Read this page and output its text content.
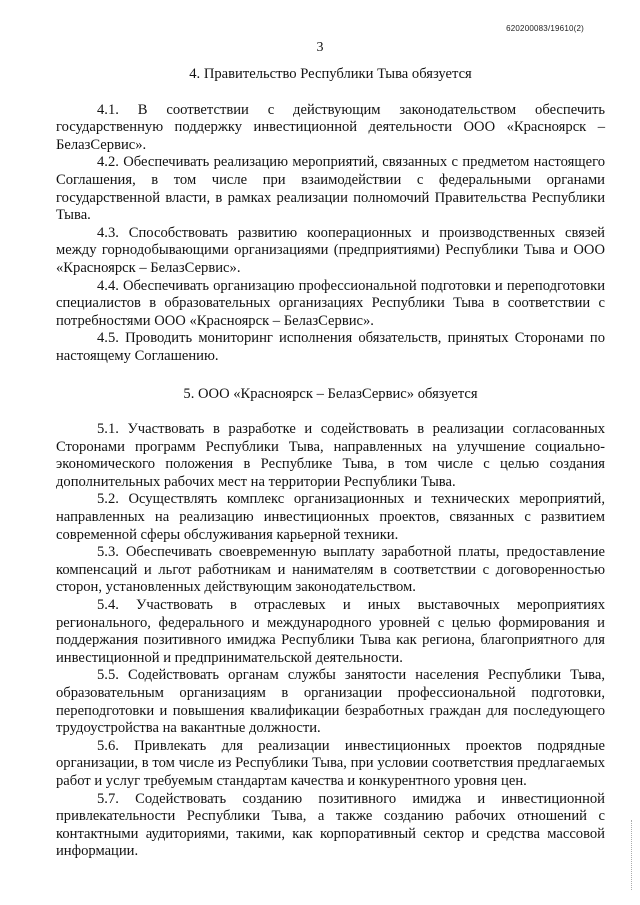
620200083/19610(2)
3
4. Правительство Республики Тыва обязуется

4.1. В соответствии с действующим законодательством обеспечить государственную поддержку инвестиционной деятельности ООО «Красноярск – БелазСервис».

4.2. Обеспечивать реализацию мероприятий, связанных с предметом настоящего Соглашения, в том числе при взаимодействии с федеральными органами государственной власти, в рамках реализации полномочий Правительства Республики Тыва.

4.3. Способствовать развитию кооперационных и производственных связей между горнодобывающими организациями (предприятиями) Республики Тыва и ООО «Красноярск – БелазСервис».

4.4. Обеспечивать организацию профессиональной подготовки и переподготовки специалистов в образовательных организациях Республики Тыва в соответствии с потребностями ООО «Красноярск – БелазСервис».

4.5. Проводить мониторинг исполнения обязательств, принятых Сторонами по настоящему Соглашению.

5. ООО «Красноярск – БелазСервис» обязуется

5.1. Участвовать в разработке и содействовать в реализации согласованных Сторонами программ Республики Тыва, направленных на улучшение социально-экономического положения в Республике Тыва, в том числе с целью создания дополнительных рабочих мест на территории Республики Тыва.

5.2. Осуществлять комплекс организационных и технических мероприятий, направленных на реализацию инвестиционных проектов, связанных с развитием современной сферы обслуживания карьерной техники.

5.3. Обеспечивать своевременную выплату заработной платы, предоставление компенсаций и льгот работникам и нанимателям в соответствии с договоренностью сторон, установленных действующим законодательством.

5.4. Участвовать в отраслевых и иных выставочных мероприятиях регионального, федерального и международного уровней с целью формирования и поддержания позитивного имиджа Республики Тыва как региона, благоприятного для инвестиционной и предпринимательской деятельности.

5.5. Содействовать органам службы занятости населения Республики Тыва, образовательным организациям в организации профессиональной подготовки, переподготовки и повышения квалификации безработных граждан для последующего трудоустройства на вакантные должности.

5.6. Привлекать для реализации инвестиционных проектов подрядные организации, в том числе из Республики Тыва, при условии соответствия предлагаемых работ и услуг требуемым стандартам качества и конкурентного уровня цен.

5.7. Содействовать созданию позитивного имиджа и инвестиционной привлекательности Республики Тыва, а также созданию рабочих отношений с контактными аудиториями, такими, как корпоративный сектор и средства массовой информации.
